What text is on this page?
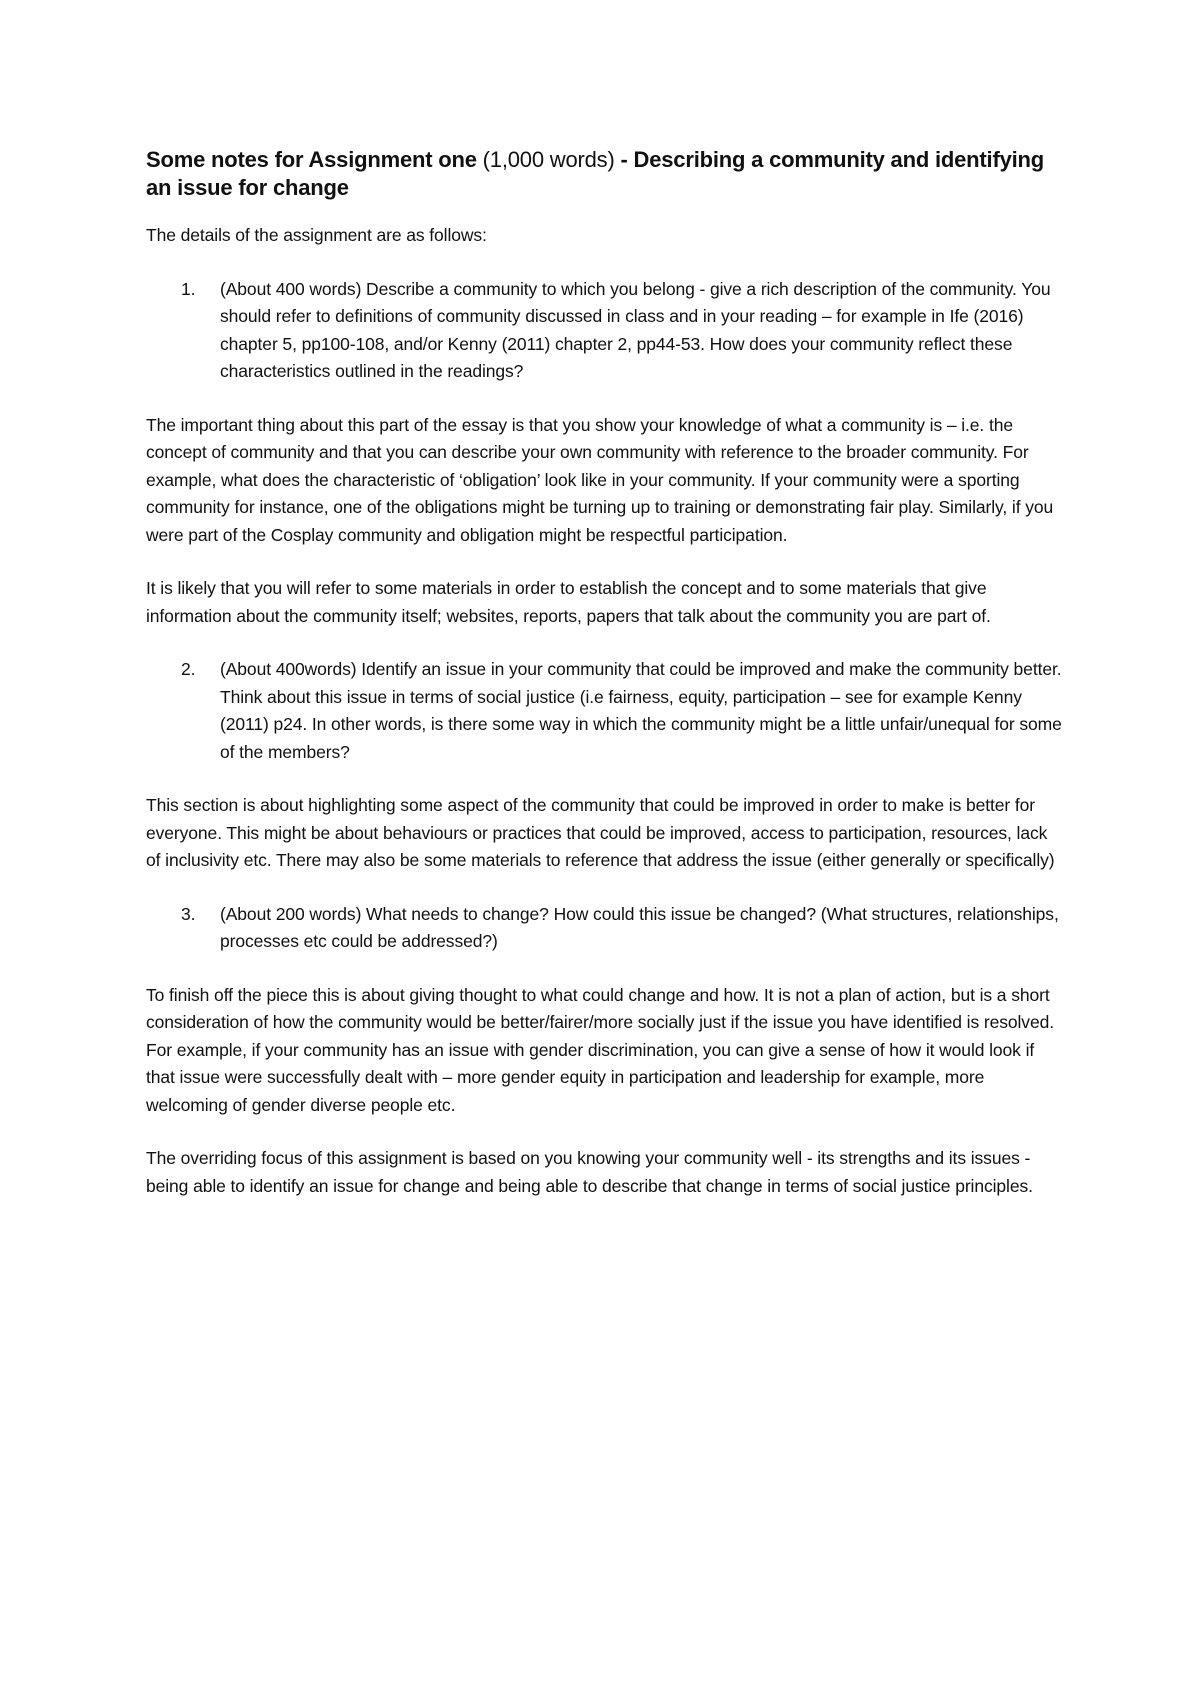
Some notes for Assignment one (1,000 words) - Describing a community and identifying an issue for change

The details of the assignment are as follows:

1. (About 400 words) Describe a community to which you belong - give a rich description of the community. You should refer to definitions of community discussed in class and in your reading – for example in Ife (2016) chapter 5, pp100-108, and/or Kenny (2011) chapter 2, pp44-53. How does your community reflect these characteristics outlined in the readings?

The important thing about this part of the essay is that you show your knowledge of what a community is – i.e. the concept of community and that you can describe your own community with reference to the broader community. For example, what does the characteristic of ‘obligation’ look like in your community. If your community were a sporting community for instance, one of the obligations might be turning up to training or demonstrating fair play. Similarly, if you were part of the Cosplay community and obligation might be respectful participation.

It is likely that you will refer to some materials in order to establish the concept and to some materials that give information about the community itself; websites, reports, papers that talk about the community you are part of.

2. (About 400words) Identify an issue in your community that could be improved and make the community better. Think about this issue in terms of social justice (i.e fairness, equity, participation – see for example Kenny (2011) p24. In other words, is there some way in which the community might be a little unfair/unequal for some of the members?

This section is about highlighting some aspect of the community that could be improved in order to make is better for everyone. This might be about behaviours or practices that could be improved, access to participation, resources, lack of inclusivity etc. There may also be some materials to reference that address the issue (either generally or specifically)

3. (About 200 words) What needs to change? How could this issue be changed? (What structures, relationships, processes etc could be addressed?)

To finish off the piece this is about giving thought to what could change and how. It is not a plan of action, but is a short consideration of how the community would be better/fairer/more socially just if the issue you have identified is resolved. For example, if your community has an issue with gender discrimination, you can give a sense of how it would look if that issue were successfully dealt with – more gender equity in participation and leadership for example, more welcoming of gender diverse people etc.

The overriding focus of this assignment is based on you knowing your community well - its strengths and its issues - being able to identify an issue for change and being able to describe that change in terms of social justice principles.
